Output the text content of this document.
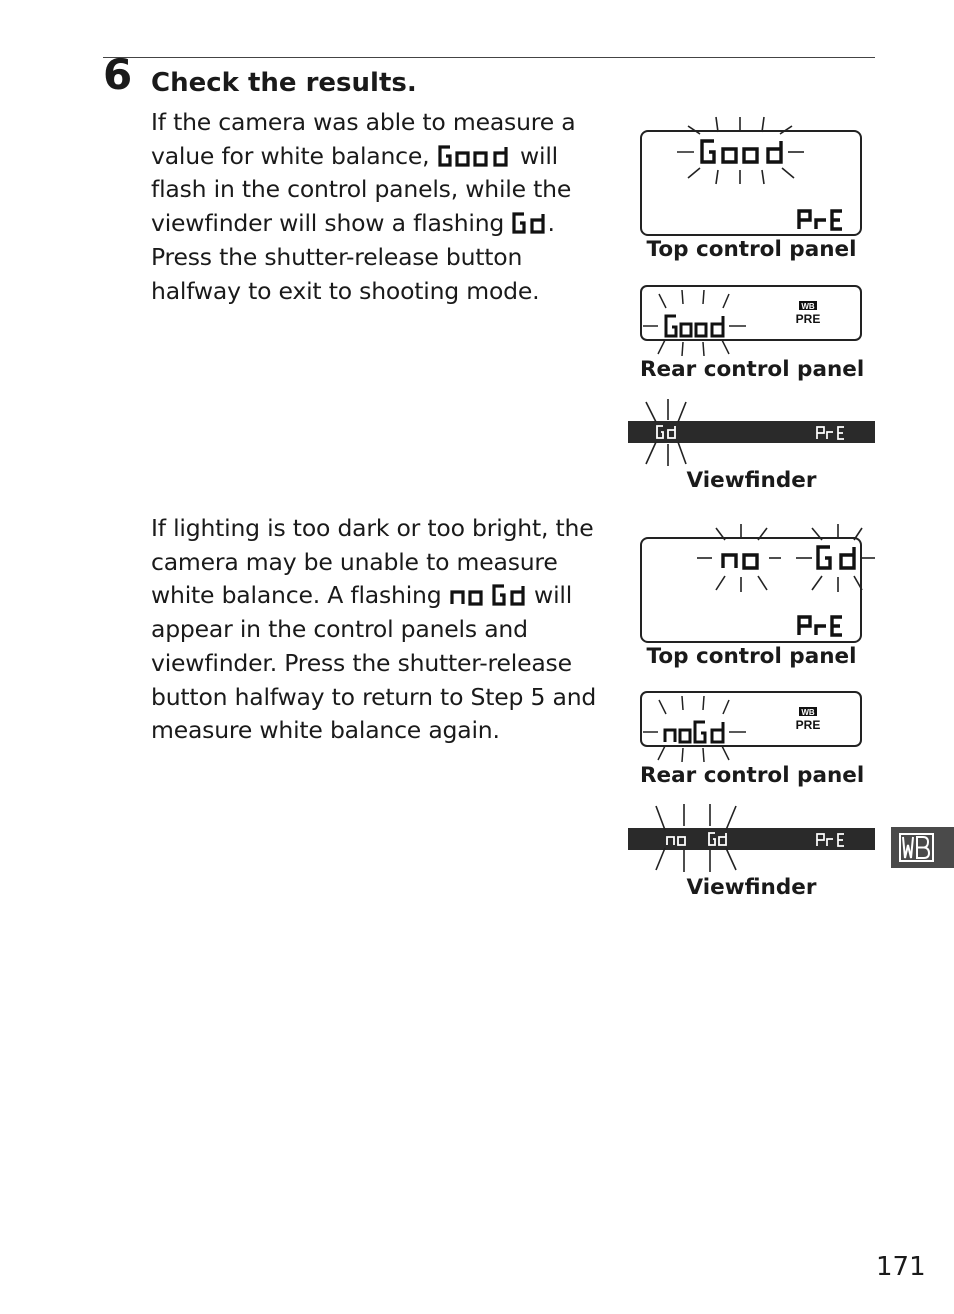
6 Check the results.

If the camera was able to measure a value for white balance,	will flash in the control panels, while the viewfinder will show a flashing . Press the shutter-release button halfway to exit to shooting mode.

If lighting is too dark or too bright, the camera may be unable to measure white balance. A flashing	will appear in the control panels and viewfinder. Press the shutter-release button halfway to return to Step 5 and measure white balance again.

Top control panel
WB
PRE
Rear control panel
Viewfinder
Top control panel
WB
PRE
Rear control panel
Viewfinder
171
